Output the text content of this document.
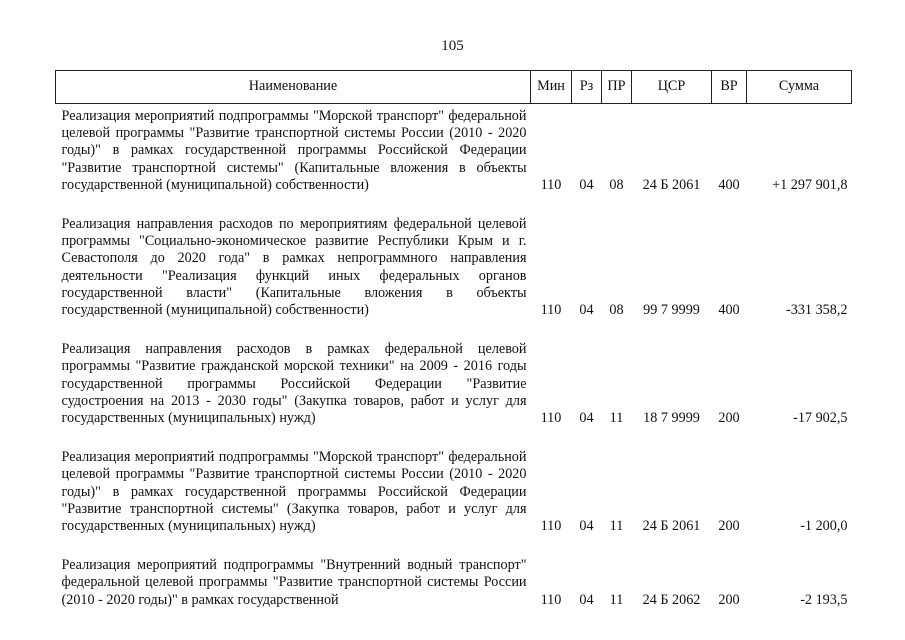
105
Наименование	Мин	Рз	ПР	ЦСР	ВР	Сумма
Реализация мероприятий подпрограммы "Морской транспорт" федеральной целевой программы "Развитие транспортной системы России (2010 - 2020 годы)" в рамках государственной программы Российской Федерации "Развитие транспортной системы" (Капитальные вложения в объекты государственной (муниципальной) собственности)	110	04	08	24 Б 2061	400	+1 297 901,8

Реализация направления расходов по мероприятиям федеральной целевой программы "Социально-экономическое развитие Республики Крым и г. Севастополя до 2020 года" в рамках непрограммного направления деятельности "Реализация функций иных федеральных органов государственной власти" (Капитальные вложения в объекты государственной (муниципальной) собственности)	110	04	08	99 7 9999	400	-331 358,2

Реализация направления расходов в рамках федеральной целевой программы "Развитие гражданской морской техники" на 2009 - 2016 годы государственной программы Российской Федерации "Развитие судостроения на 2013 - 2030 годы" (Закупка товаров, работ и услуг для государственных (муниципальных) нужд)	110	04	11	18 7 9999	200	-17 902,5

Реализация мероприятий подпрограммы "Морской транспорт" федеральной целевой программы "Развитие транспортной системы России (2010 - 2020 годы)" в рамках государственной программы Российской Федерации "Развитие транспортной системы" (Закупка товаров, работ и услуг для государственных (муниципальных) нужд)	110	04	11	24 Б 2061	200	-1 200,0

Реализация мероприятий подпрограммы "Внутренний водный транспорт" федеральной целевой программы "Развитие транспортной системы России (2010 - 2020 годы)" в рамках государственной	110	04	11	24 Б 2062	200	-2 193,5
